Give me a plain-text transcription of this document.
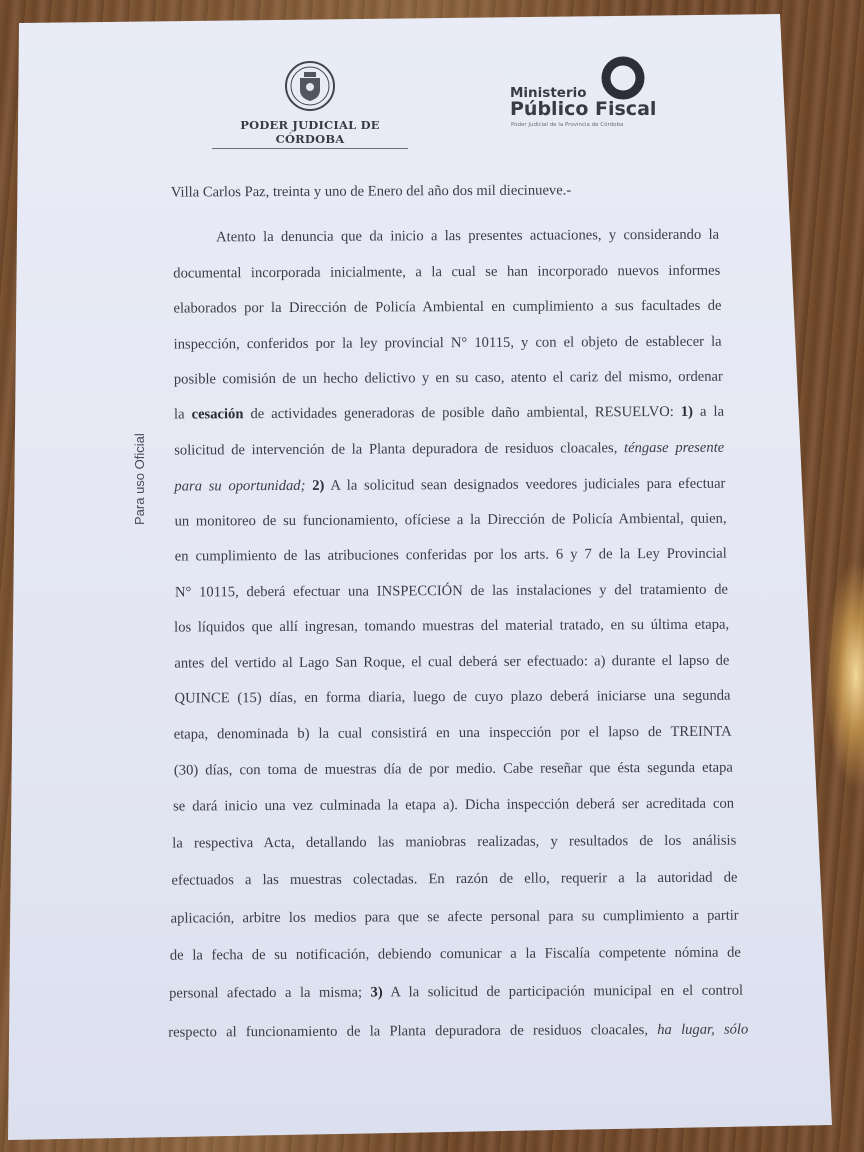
PODER JUDICIAL DE CÓRDOBA
Ministerio
Público Fiscal
Poder Judicial de la Provincia de Córdoba
Para uso Oficial
Villa Carlos Paz, treinta y uno de Enero del año dos mil diecinueve.-
Atento la denuncia que da inicio a las presentes actuaciones, y considerando la
documental incorporada inicialmente, a la cual se han incorporado nuevos informes
elaborados por la Dirección de Policía Ambiental en cumplimiento a sus facultades de
inspección, conferidos por la ley provincial N° 10115, y con el objeto de establecer la
posible comisión de un hecho delictivo y en su caso, atento el cariz del mismo, ordenar
la cesación de actividades generadoras de posible daño ambiental, RESUELVO: 1) a la
solicitud de intervención de la Planta depuradora de residuos cloacales, téngase presente
para su oportunidad; 2) A la solicitud sean designados veedores judiciales para efectuar
un monitoreo de su funcionamiento, ofíciese a la Dirección de Policía Ambiental, quien,
en cumplimiento de las atribuciones conferidas por los arts. 6 y 7 de la Ley Provincial
N° 10115, deberá efectuar una INSPECCIÓN de las instalaciones y del tratamiento de
los líquidos que allí ingresan, tomando muestras del material tratado, en su última etapa,
antes del vertido al Lago San Roque, el cual deberá ser efectuado: a) durante el lapso de
QUINCE (15) días, en forma diaria, luego de cuyo plazo deberá iniciarse una segunda
etapa, denominada b) la cual consistirá en una inspección por el lapso de TREINTA
(30) días, con toma de muestras día de por medio. Cabe reseñar que ésta segunda etapa
se dará inicio una vez culminada la etapa a). Dicha inspección deberá ser acreditada con
la respectiva Acta, detallando las maniobras realizadas, y resultados de los análisis
efectuados a las muestras colectadas. En razón de ello, requerir a la autoridad de
aplicación, arbitre los medios para que se afecte personal para su cumplimiento a partir
de la fecha de su notificación, debiendo comunicar a la Fiscalía competente nómina de
personal afectado a la misma; 3) A la solicitud de participación municipal en el control
respecto al funcionamiento de la Planta depuradora de residuos cloacales, ha lugar, sólo
